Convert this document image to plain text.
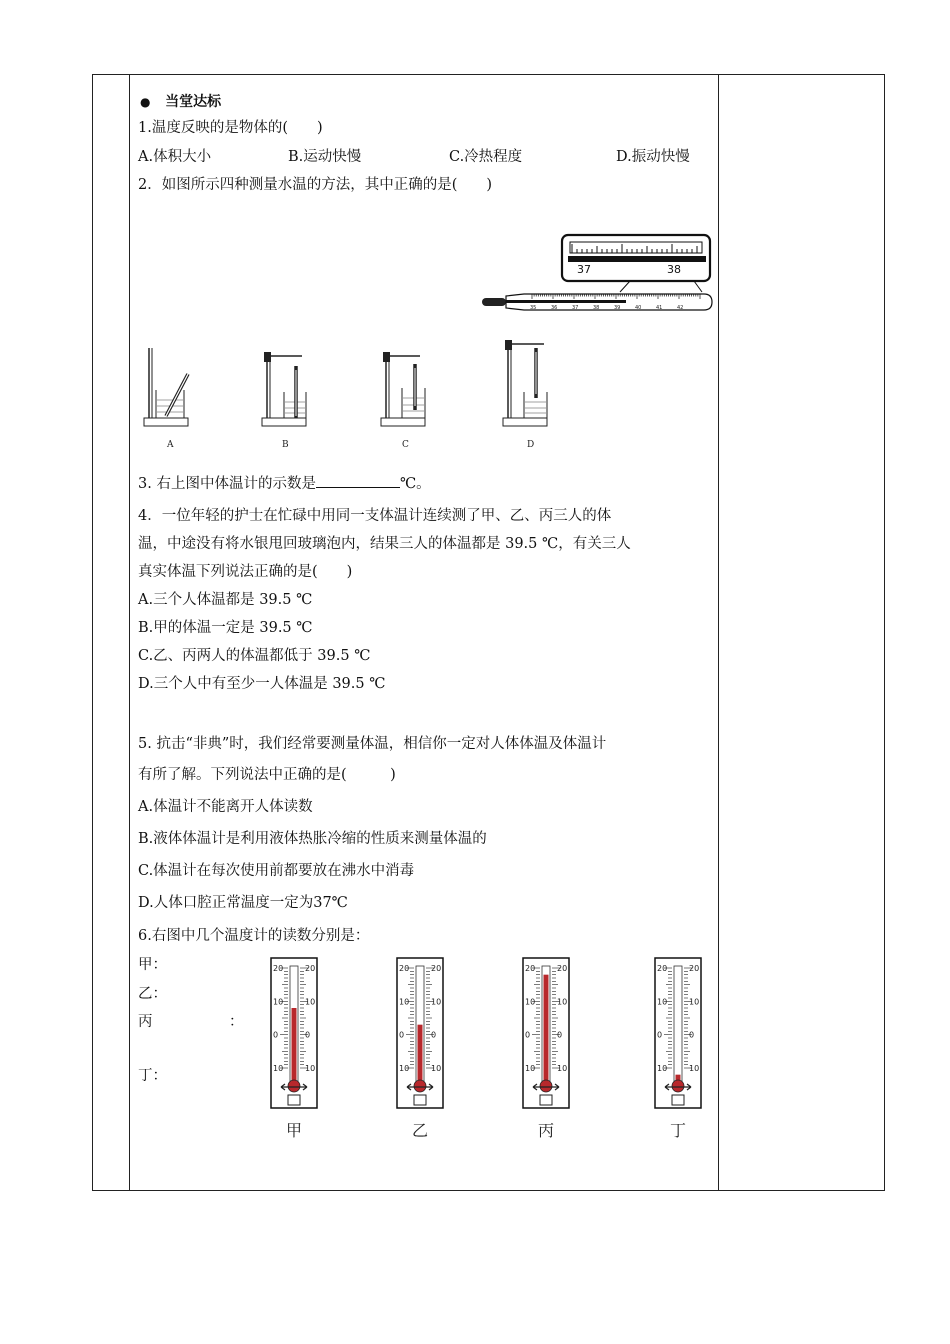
● 当堂达标
1.温度反映的是物体的(　　)
A.体积大小	B.运动快慢	C.冷热程度	D.振动快慢
2．如图所示四种测量水温的方法，其中正确的是(　　)
37	38
35	36	37	38	39	40	41	42
A	B	C	D
3. 右上图中体温计的示数是	℃。
4．一位年轻的护士在忙碌中用同一支体温计连续测了甲、乙、丙三人的体
温，中途没有将水银甩回玻璃泡内，结果三人的体温都是 39.5 ℃，有关三人
真实体温下列说法正确的是(　　)
A.三个人体温都是 39.5 ℃
B.甲的体温一定是 39.5 ℃
C.乙、丙两人的体温都低于 39.5 ℃
D.三个人中有至少一人体温是 39.5 ℃
5. 抗击“非典”时，我们经常要测量体温，相信你一定对人体体温及体温计
有所了解。下列说法中正确的是(　　　)
A.体温计不能离开人体读数
B.液体体温计是利用液体热胀冷缩的性质来测量体温的
C.体温计在每次使用前都要放在沸水中消毒
D.人体口腔正常温度一定为37℃
6.右图中几个温度计的读数分别是：
甲：
乙：
丙	：
丁：
20	20
10	10
0	0
10	10
甲
20	20
10	10
0	0
10	10
乙
20	20
10	10
0	0
10	10
丙
20	20
10	10
0	0
10	10
丁
